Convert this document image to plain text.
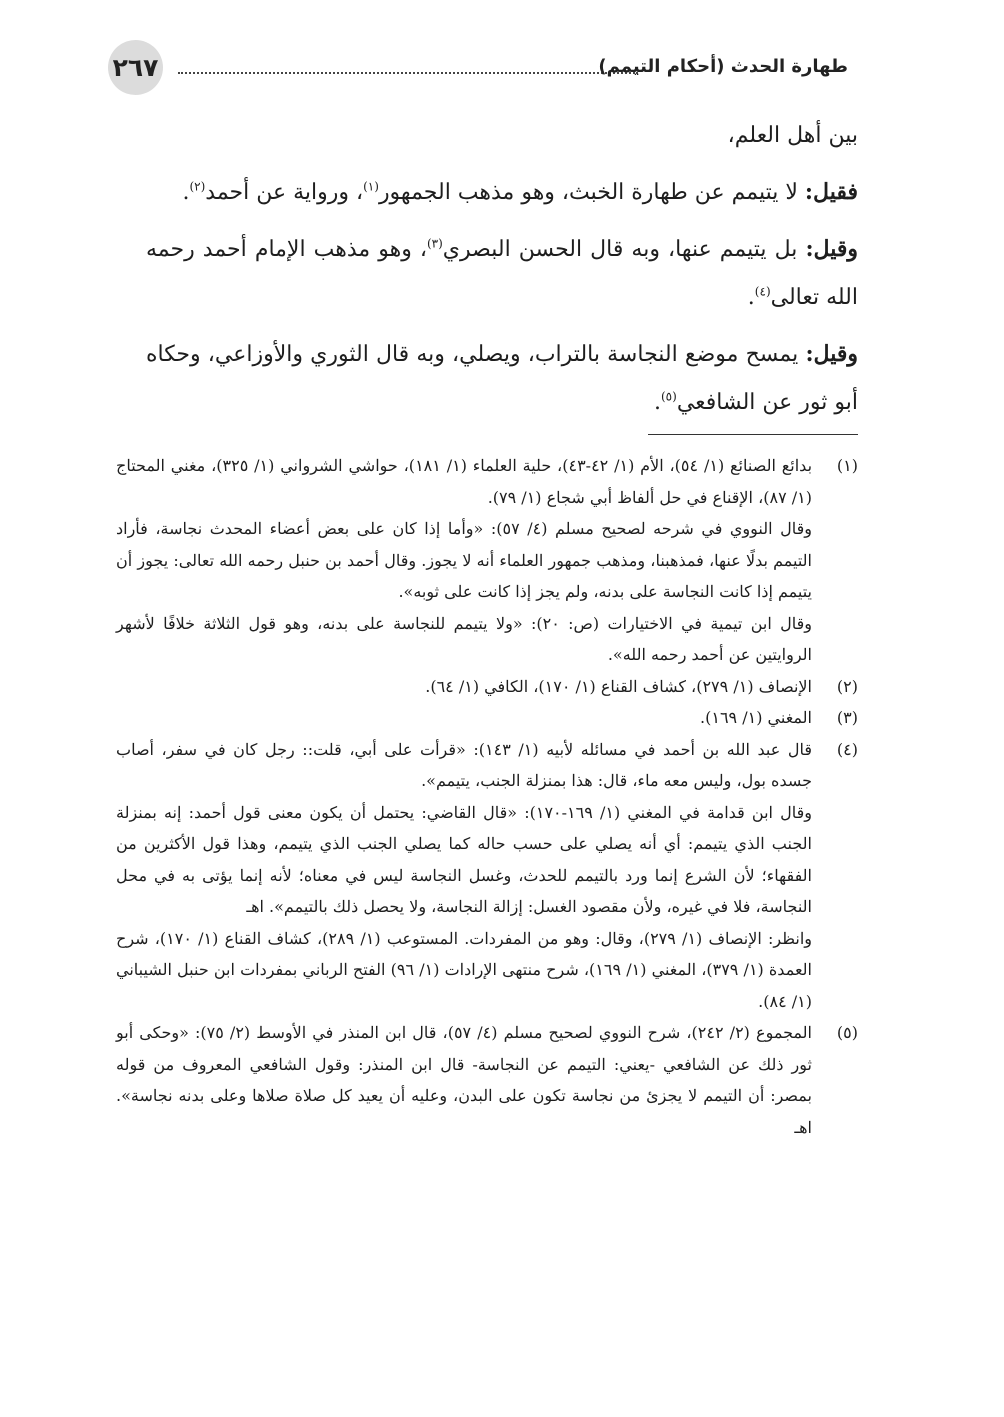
٢٦٧	طهارة الحدث (أحكام التيمم)

بين أهل العلم،

فقيل: لا يتيمم عن طهارة الخبث، وهو مذهب الجمهور$^{(١)}$، ورواية عن أحمد$^{(٢)}$.

وقيل: بل يتيمم عنها، وبه قال الحسن البصري$^{(٣)}$، وهو مذهب الإمام أحمد رحمه الله تعالى$^{(٤)}$.

وقيل: يمسح موضع النجاسة بالتراب، ويصلي، وبه قال الثوري والأوزاعي، وحكاه أبو ثور عن الشافعي$^{(٥)}$.

(١)

بدائع الصنائع (١/ ٥٤)، الأم (١/ ٤٢-٤٣)، حلية العلماء (١/ ١٨١)، حواشي الشرواني (١/ ٣٢٥)، مغني المحتاج (١/ ٨٧)، الإقناع في حل ألفاظ أبي شجاع (١/ ٧٩).

وقال النووي في شرحه لصحيح مسلم (٤/ ٥٧): «وأما إذا كان على بعض أعضاء المحدث نجاسة، فأراد التيمم بدلًا عنها، فمذهبنا، ومذهب جمهور العلماء أنه لا يجوز. وقال أحمد بن حنبل رحمه الله تعالى: يجوز أن يتيمم إذا كانت النجاسة على بدنه، ولم يجز إذا كانت على ثوبه».

وقال ابن تيمية في الاختيارات (ص: ٢٠): «ولا يتيمم للنجاسة على بدنه، وهو قول الثلاثة خلافًا لأشهر الروايتين عن أحمد رحمه الله».

(٢)

الإنصاف (١/ ٢٧٩)، كشاف القناع (١/ ١٧٠)، الكافي (١/ ٦٤).

(٣)

المغني (١/ ١٦٩).

(٤)

قال عبد الله بن أحمد في مسائله لأبيه (١/ ١٤٣): «قرأت على أبي، قلت:: رجل كان في سفر، أصاب جسده بول، وليس معه ماء، قال: هذا بمنزلة الجنب، يتيمم».

وقال ابن قدامة في المغني (١/ ١٦٩-١٧٠): «قال القاضي: يحتمل أن يكون معنى قول أحمد: إنه بمنزلة الجنب الذي يتيمم: أي أنه يصلي على حسب حاله كما يصلي الجنب الذي يتيمم، وهذا قول الأكثرين من الفقهاء؛ لأن الشرع إنما ورد بالتيمم للحدث، وغسل النجاسة ليس في معناه؛ لأنه إنما يؤتى به في محل النجاسة، فلا في غيره، ولأن مقصود الغسل: إزالة النجاسة، ولا يحصل ذلك بالتيمم». اهـ

وانظر: الإنصاف (١/ ٢٧٩)، وقال: وهو من المفردات. المستوعب (١/ ٢٨٩)، كشاف القناع (١/ ١٧٠)، شرح العمدة (١/ ٣٧٩)، المغني (١/ ١٦٩)، شرح منتهى الإرادات (١/ ٩٦) الفتح الرباني بمفردات ابن حنبل الشيباني (١/ ٨٤).

(٥)

المجموع (٢/ ٢٤٢)، شرح النووي لصحيح مسلم (٤/ ٥٧)، قال ابن المنذر في الأوسط (٢/ ٧٥): «وحكى أبو ثور ذلك عن الشافعي -يعني: التيمم عن النجاسة- قال ابن المنذر: وقول الشافعي المعروف من قوله بمصر: أن التيمم لا يجزئ من نجاسة تكون على البدن، وعليه أن يعيد كل صلاة صلاها وعلى بدنه نجاسة». اهـ
